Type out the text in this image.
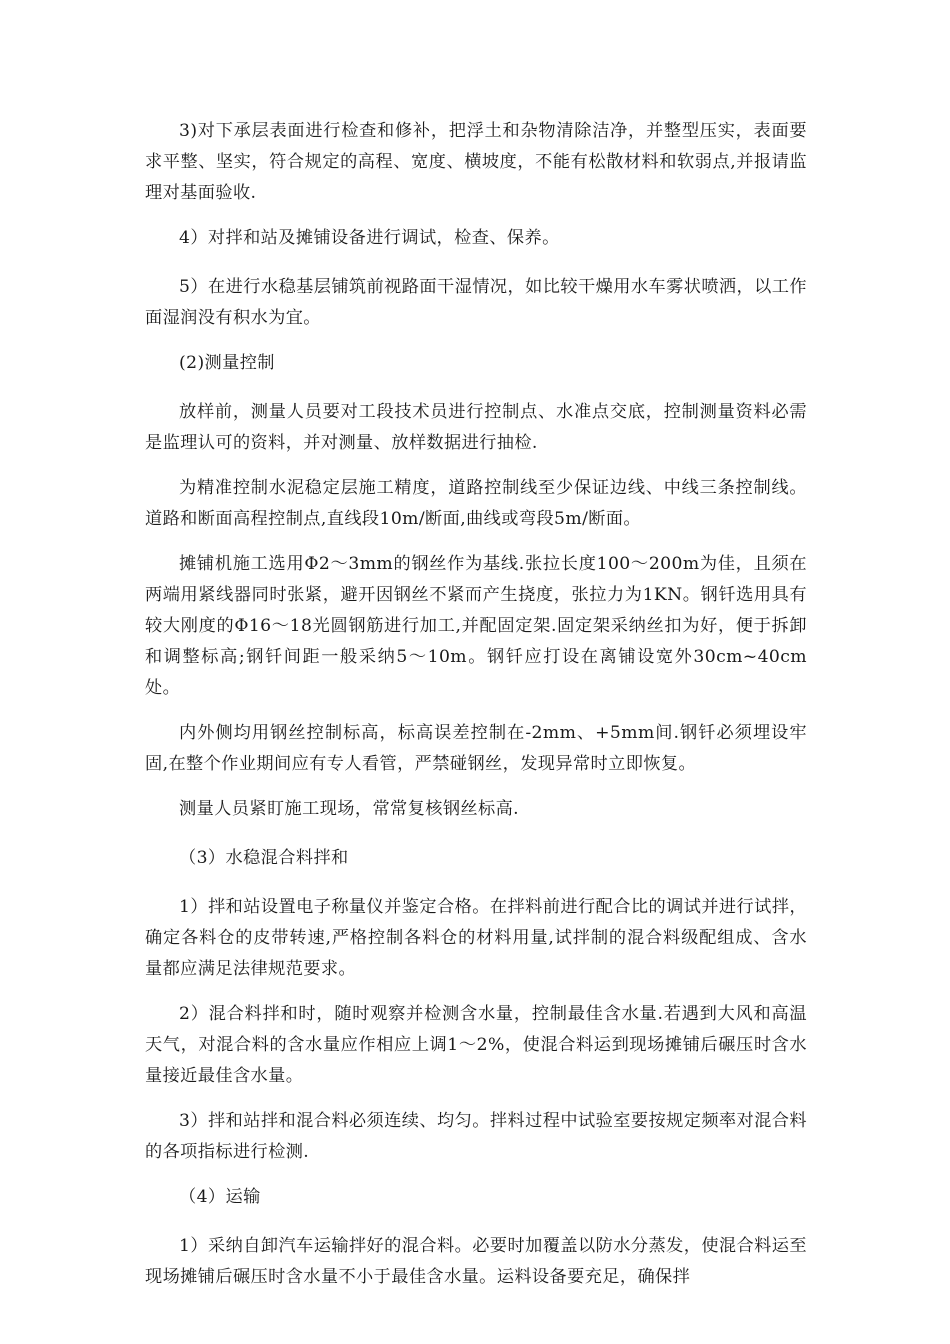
3)对下承层表面进行检查和修补，把浮土和杂物清除洁净，并整型压实，表面要求平整、坚实，符合规定的高程、宽度、横坡度，不能有松散材料和软弱点,并报请监理对基面验收.

4）对拌和站及摊铺设备进行调试，检查、保养。

5）在进行水稳基层铺筑前视路面干湿情况，如比较干燥用水车雾状喷洒，以工作面湿润没有积水为宜。

(2)测量控制

放样前，测量人员要对工段技术员进行控制点、水准点交底，控制测量资料必需是监理认可的资料，并对测量、放样数据进行抽检.

为精准控制水泥稳定层施工精度，道路控制线至少保证边线、中线三条控制线。道路和断面高程控制点,直线段10m/断面,曲线或弯段5m/断面。

摊铺机施工选用Φ2～3mm的钢丝作为基线.张拉长度100～200m为佳，且须在两端用紧线器同时张紧，避开因钢丝不紧而产生挠度，张拉力为1KN。钢钎选用具有较大刚度的Φ16～18光圆钢筋进行加工,并配固定架.固定架采纳丝扣为好，便于拆卸和调整标高;钢钎间距一般采纳5～10m。钢钎应打设在离铺设宽外30cm~40cm处。

内外侧均用钢丝控制标高，标高误差控制在-2mm、+5mm间.钢钎必须埋设牢固,在整个作业期间应有专人看管，严禁碰钢丝，发现异常时立即恢复。

测量人员紧盯施工现场，常常复核钢丝标高.

（3）水稳混合料拌和

1）拌和站设置电子称量仪并鉴定合格。在拌料前进行配合比的调试并进行试拌，确定各料仓的皮带转速,严格控制各料仓的材料用量,试拌制的混合料级配组成、含水量都应满足法律规范要求。

2）混合料拌和时，随时观察并检测含水量，控制最佳含水量.若遇到大风和高温天气，对混合料的含水量应作相应上调1～2%，使混合料运到现场摊铺后碾压时含水量接近最佳含水量。

3）拌和站拌和混合料必须连续、均匀。拌料过程中试验室要按规定频率对混合料的各项指标进行检测.

（4）运输

1）采纳自卸汽车运输拌好的混合料。必要时加覆盖以防水分蒸发，使混合料运至现场摊铺后碾压时含水量不小于最佳含水量。运料设备要充足，确保拌
